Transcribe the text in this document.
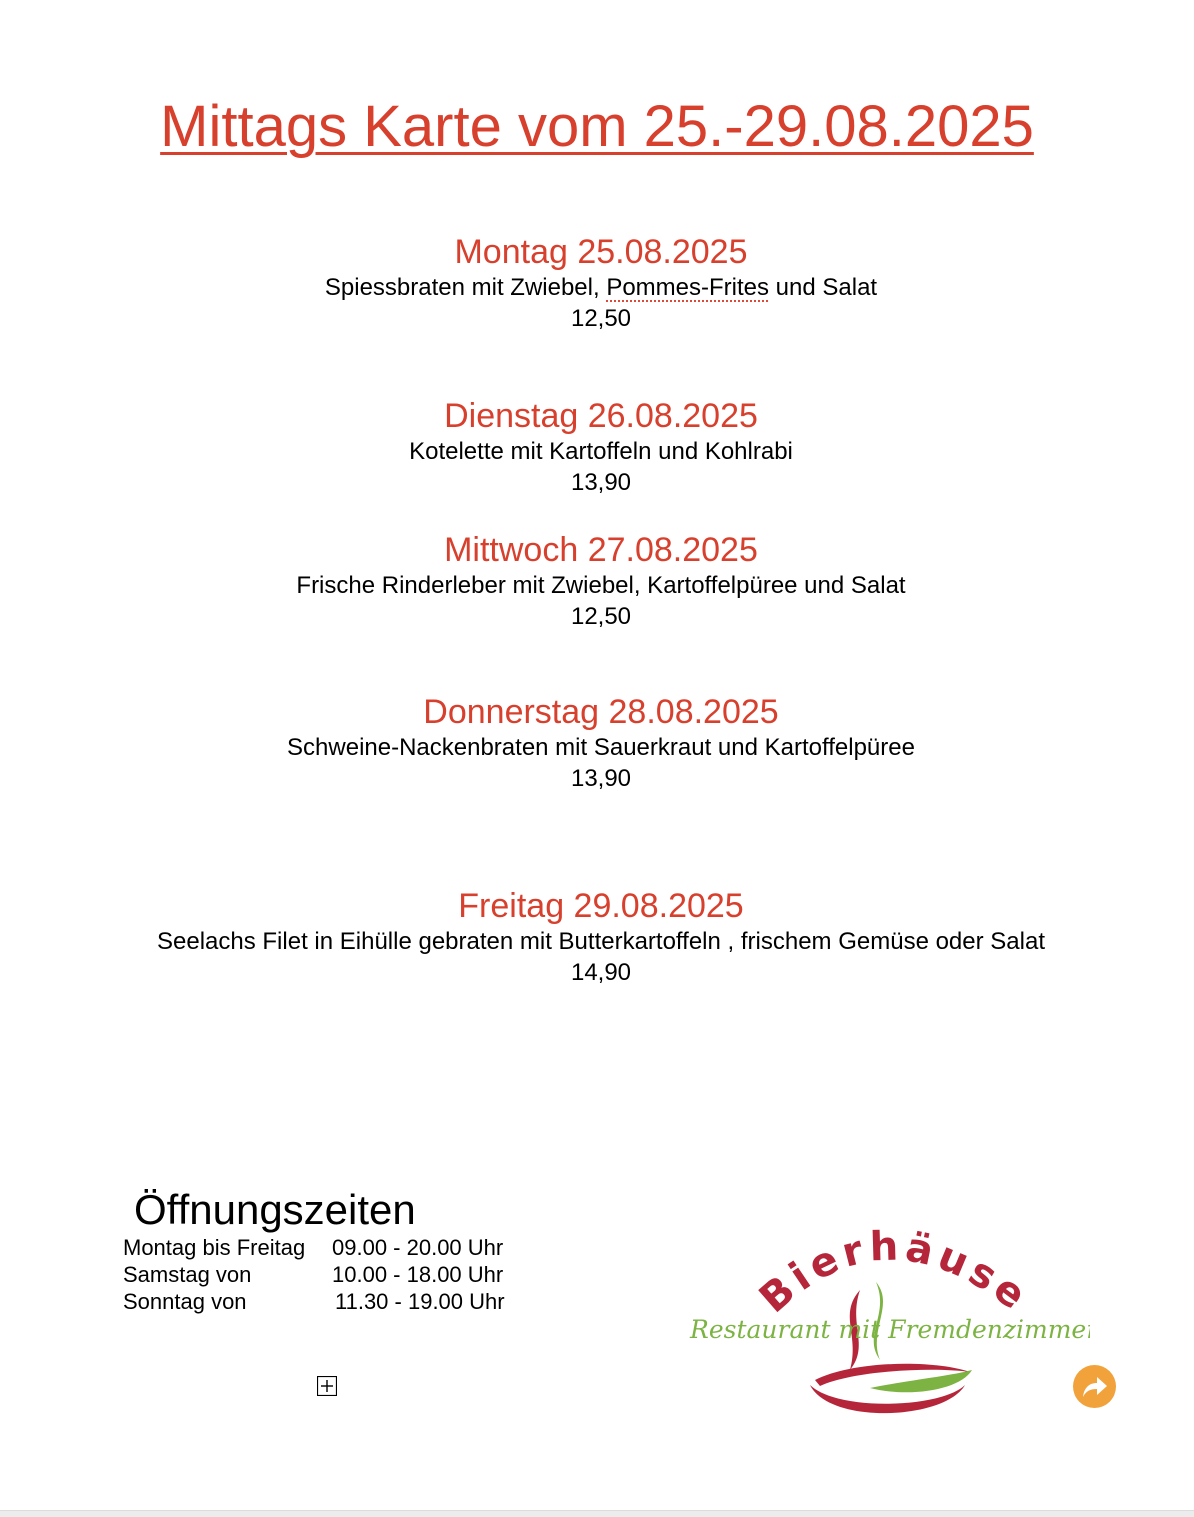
Mittags Karte vom 25.-29.08.2025
Montag 25.08.2025
Spiessbraten mit Zwiebel, Pommes-Frites und Salat
12,50
Dienstag 26.08.2025
Kotelette mit Kartoffeln und Kohlrabi
13,90
Mittwoch 27.08.2025
Frische Rinderleber mit Zwiebel, Kartoffelpüree und Salat
12,50
Donnerstag 28.08.2025
Schweine-Nackenbraten mit Sauerkraut und Kartoffelpüree
13,90
Freitag 29.08.2025
Seelachs Filet in Eihülle gebraten mit Butterkartoffeln , frischem Gemüse oder Salat
14,90
Öffnungszeiten
Montag bis Freitag 09.00 - 20.00 Uhr
Samstag von	10.00 - 18.00 Uhr
Sonntag von	11.30 - 19.00 Uhr	Bierhäuse
Restaurant mit Fremdenzimmer
